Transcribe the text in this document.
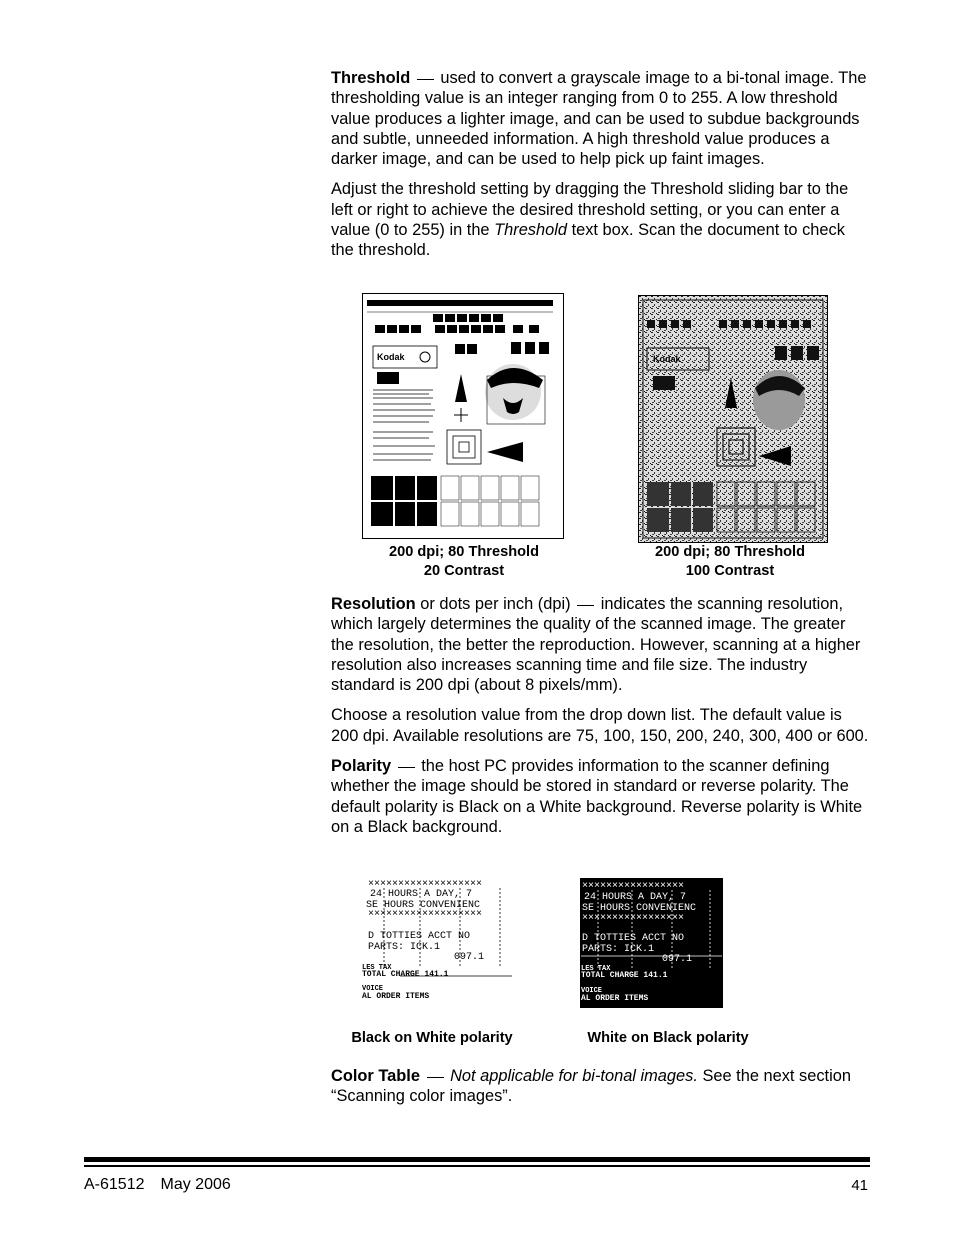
Threshold used to convert a grayscale image to a bi-tonal image. The thresholding value is an integer ranging from 0 to 255. A low threshold value produces a lighter image, and can be used to subdue backgrounds and subtle, unneeded information. A high threshold value produces a darker image, and can be used to help pick up faint images.

Adjust the threshold setting by dragging the Threshold sliding bar to the left or right to achieve the desired threshold setting, or you can enter a value (0 to 255) in the Threshold text box. Scan the document to check the threshold.

Kodak	Kodak
200 dpi; 80 Threshold
20 Contrast
200 dpi; 80 Threshold
100 Contrast

Resolution or dots per inch (dpi) indicates the scanning resolution, which largely determines the quality of the scanned image. The greater the resolution, the better the reproduction. However, scanning at a higher resolution also increases scanning time and file size. The industry standard is 200 dpi (about 8 pixels/mm).

Choose a resolution value from the drop down list. The default value is 200 dpi. Available resolutions are 75, 100, 150, 200, 240, 300, 400 or 600.

Polarity the host PC provides information to the scanner defining whether the image should be stored in standard or reverse polarity. The default polarity is Black on a White background. Reverse polarity is White on a Black background.

×××××××××××××××××××
24 HOURS A DAY, 7
SE HOURS CONVENIENC
×××××××××××××××××××
D TOTTIES ACCT NO
PARTS: ICK.1
097.1
LES TAX
TOTAL CHARGE 141.1
VOICE
AL ORDER ITEMS
×××××××××××××××××
24 HOURS A DAY, 7
SE HOURS CONVENIENC
×××××××××××××××××
D TOTTIES ACCT NO
PARTS: ICK.1
097.1
LES TAX
TOTAL CHARGE 141.1
VOICE
AL ORDER ITEMS
Black on White polarity	White on Black polarity

Color Table Not applicable for bi-tonal images. See the next section “Scanning color images”.

A-61512 May 2006	41
